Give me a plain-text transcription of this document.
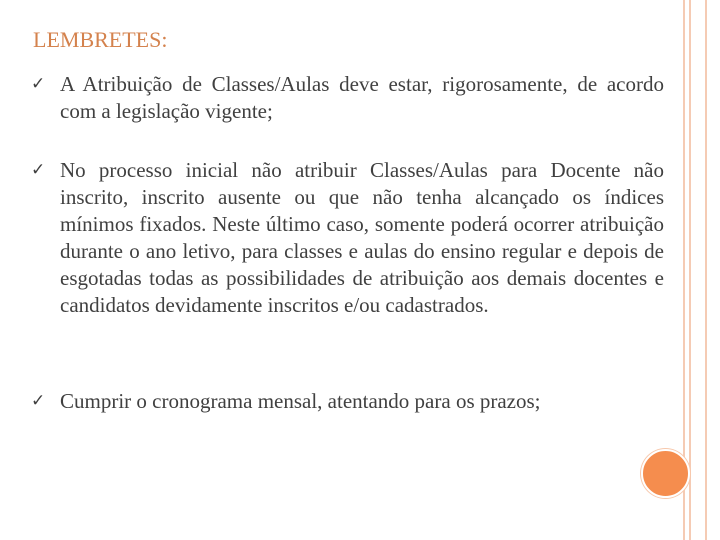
LEMBRETES:
✓ A Atribuição de Classes/Aulas deve estar, rigorosamente, de acordo com a legislação vigente;
✓ No processo inicial não atribuir Classes/Aulas para Docente não inscrito, inscrito ausente ou que não tenha alcançado os índices mínimos fixados. Neste último caso, somente poderá ocorrer atribuição durante o ano letivo, para classes e aulas do ensino regular e depois de esgotadas todas as possibilidades de atribuição aos demais docentes e candidatos devidamente inscritos e/ou cadastrados.
✓ Cumprir o cronograma mensal, atentando para os prazos;
